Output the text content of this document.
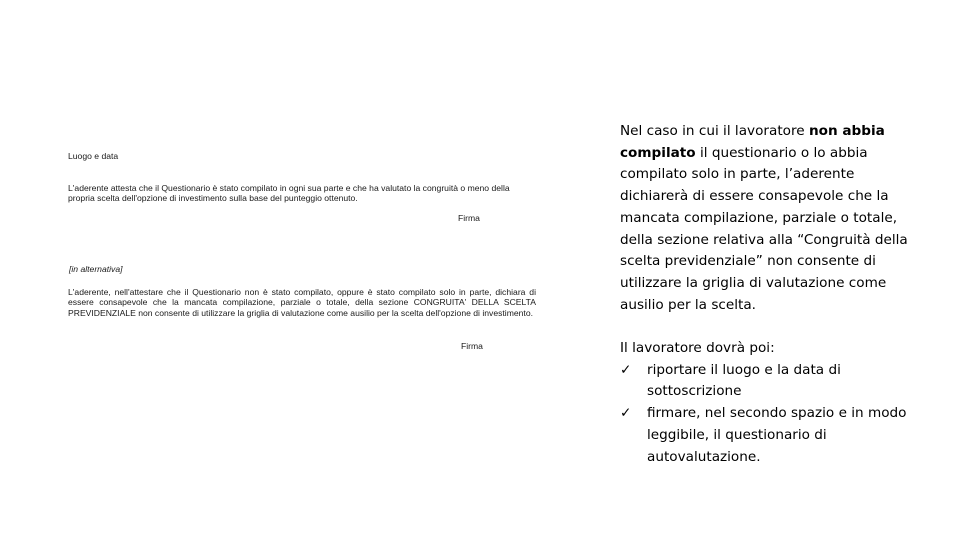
Luogo e data
L'aderente attesta che il Questionario è stato compilato in ogni sua parte e che ha valutato la congruità o meno della propria scelta dell'opzione di investimento sulla base del punteggio ottenuto.
Firma
[in alternativa]
L'aderente, nell'attestare che il Questionario non è stato compilato, oppure è stato compilato solo in parte, dichiara di essere consapevole che la mancata compilazione, parziale o totale, della sezione CONGRUITA' DELLA SCELTA PREVIDENZIALE non consente di utilizzare la griglia di valutazione come ausilio per la scelta dell'opzione di investimento.
Firma

Nel caso in cui il lavoratore non abbia compilato il questionario o lo abbia compilato solo in parte, l’aderente dichiarerà di essere consapevole che la mancata compilazione, parziale o totale, della sezione relativa alla “Congruità della scelta previdenziale” non consente di utilizzare la griglia di valutazione come ausilio per la scelta.

Il lavoratore dovrà poi:

✓	riportare il luogo e la data di sottoscrizione
✓	firmare, nel secondo spazio e in modo leggibile, il questionario di autovalutazione.
